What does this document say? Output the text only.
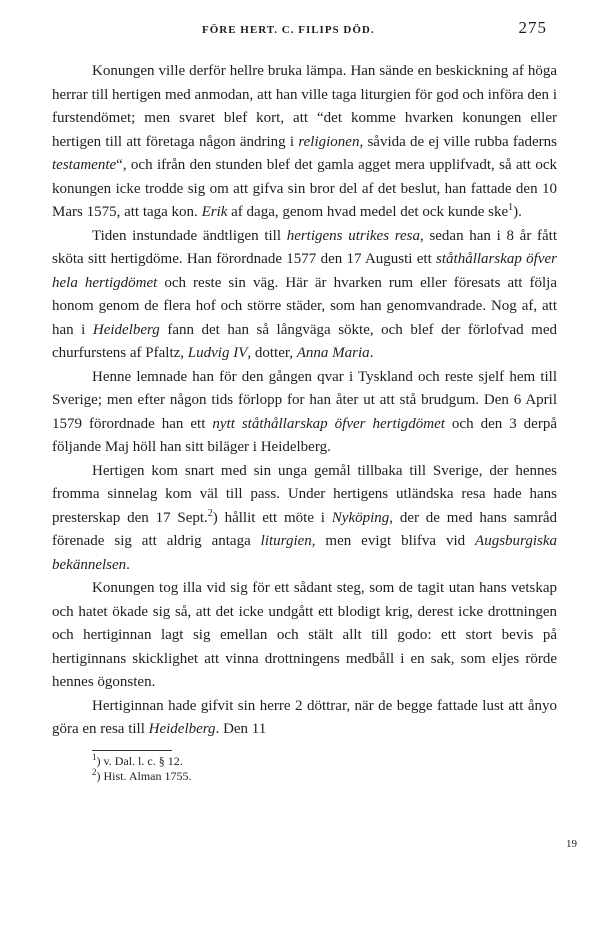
FÖRE HERT. C. FILIPS DÖD.	275

Konungen ville derför hellre bruka lämpa. Han sände en beskickning af höga herrar till hertigen med anmodan, att han ville taga liturgien för god och införa den i furstendömet; men svaret blef kort, att “det komme hvarken konungen eller hertigen till att företaga någon ändring i religionen, såvida de ej ville rubba faderns testamente“, och ifrån den stunden blef det gamla agget mera upplifvadt, så att ock konungen icke trodde sig om att gifva sin bror del af det beslut, han fattade den 10 Mars 1575, att taga kon. Erik af daga, genom hvad medel det ock kunde ske$^1$).

Tiden instundade ändtligen till hertigens utrikes resa, sedan han i 8 år fått sköta sitt hertigdöme. Han förordnade 1577 den 17 Augusti ett ståthållarskap öfver hela hertigdömet och reste sin väg. Här är hvarken rum eller föresats att följa honom genom de flera hof och större städer, som han genomvandrade. Nog af, att han i Heidelberg fann det han så långväga sökte, och blef der förlofvad med churfurstens af Pfaltz, Ludvig IV, dotter, Anna Maria.

Henne lemnade han för den gången qvar i Tyskland och reste sjelf hem till Sverige; men efter någon tids förlopp for han åter ut att stå brudgum. Den 6 April 1579 förordnade han ett nytt ståthållarskap öfver hertigdömet och den 3 derpå följande Maj höll han sitt biläger i Heidelberg.

Hertigen kom snart med sin unga gemål tillbaka till Sverige, der hennes fromma sinnelag kom väl till pass. Under hertigens utländska resa hade hans presterskap den 17 Sept.$^2$) hållit ett möte i Nyköping, der de med hans samråd förenade sig att aldrig antaga liturgien, men evigt blifva vid Augsburgiska bekännelsen.

Konungen tog illa vid sig för ett sådant steg, som de tagit utan hans vetskap och hatet ökade sig så, att det icke undgått ett blodigt krig, derest icke drottningen och hertiginnan lagt sig emellan och stält allt till godo: ett stort bevis på hertiginnans skicklighet att vinna drottningens medbåll i en sak, som eljes rörde hennes ögonsten.

Hertiginnan hade gifvit sin herre 2 döttrar, när de begge fattade lust att ånyo göra en resa till Heidelberg. Den 11

$^1$) v. Dal. l. c. § 12.
$^2$) Hist. Alman 1755.
19
